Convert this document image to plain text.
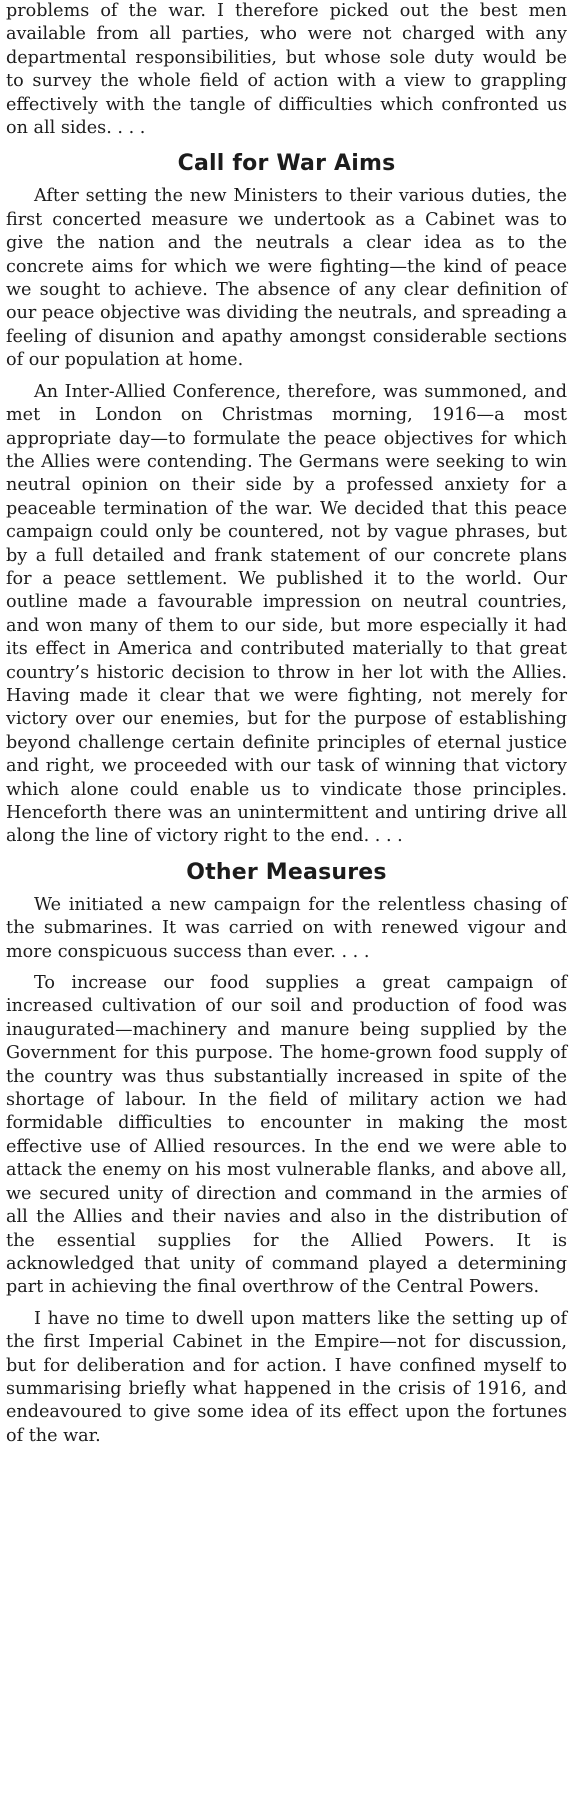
problems of the war. I therefore picked out the best men available from all parties, who were not charged with any departmental responsibilities, but whose sole duty would be to survey the whole field of action with a view to grappling effectively with the tangle of difficulties which confronted us on all sides. . . .

Call for War Aims

After setting the new Ministers to their various duties, the first concerted measure we undertook as a Cabinet was to give the nation and the neutrals a clear idea as to the concrete aims for which we were fighting—the kind of peace we sought to achieve. The absence of any clear definition of our peace objective was dividing the neutrals, and spreading a feeling of disunion and apathy amongst considerable sections of our population at home.

An Inter-Allied Conference, therefore, was summoned, and met in London on Christmas morning, 1916—a most appropriate day—to formulate the peace objectives for which the Allies were contending. The Germans were seeking to win neutral opinion on their side by a professed anxiety for a peaceable termination of the war. We decided that this peace campaign could only be countered, not by vague phrases, but by a full detailed and frank statement of our concrete plans for a peace settlement. We published it to the world. Our outline made a favourable impression on neutral countries, and won many of them to our side, but more especially it had its effect in America and contributed materially to that great country’s historic decision to throw in her lot with the Allies. Having made it clear that we were fighting, not merely for victory over our enemies, but for the purpose of establishing beyond challenge certain definite principles of eternal justice and right, we proceeded with our task of winning that victory which alone could enable us to vindicate those principles. Henceforth there was an unintermittent and untiring drive all along the line of victory right to the end. . . .

Other Measures

We initiated a new campaign for the relentless chasing of the submarines. It was carried on with renewed vigour and more conspicuous success than ever. . . .

To increase our food supplies a great campaign of increased cultivation of our soil and production of food was inaugurated—machinery and manure being supplied by the Government for this purpose. The home-grown food supply of the country was thus substantially increased in spite of the shortage of labour. In the field of military action we had formidable difficulties to encounter in making the most effective use of Allied resources. In the end we were able to attack the enemy on his most vulnerable flanks, and above all, we secured unity of direction and command in the armies of all the Allies and their navies and also in the distribution of the essential supplies for the Allied Powers. It is acknowledged that unity of command played a determining part in achieving the final overthrow of the Central Powers.

I have no time to dwell upon matters like the setting up of the first Imperial Cabinet in the Empire—not for discussion, but for deliberation and for action. I have confined myself to summarising briefly what happened in the crisis of 1916, and endeavoured to give some idea of its effect upon the fortunes of the war.
